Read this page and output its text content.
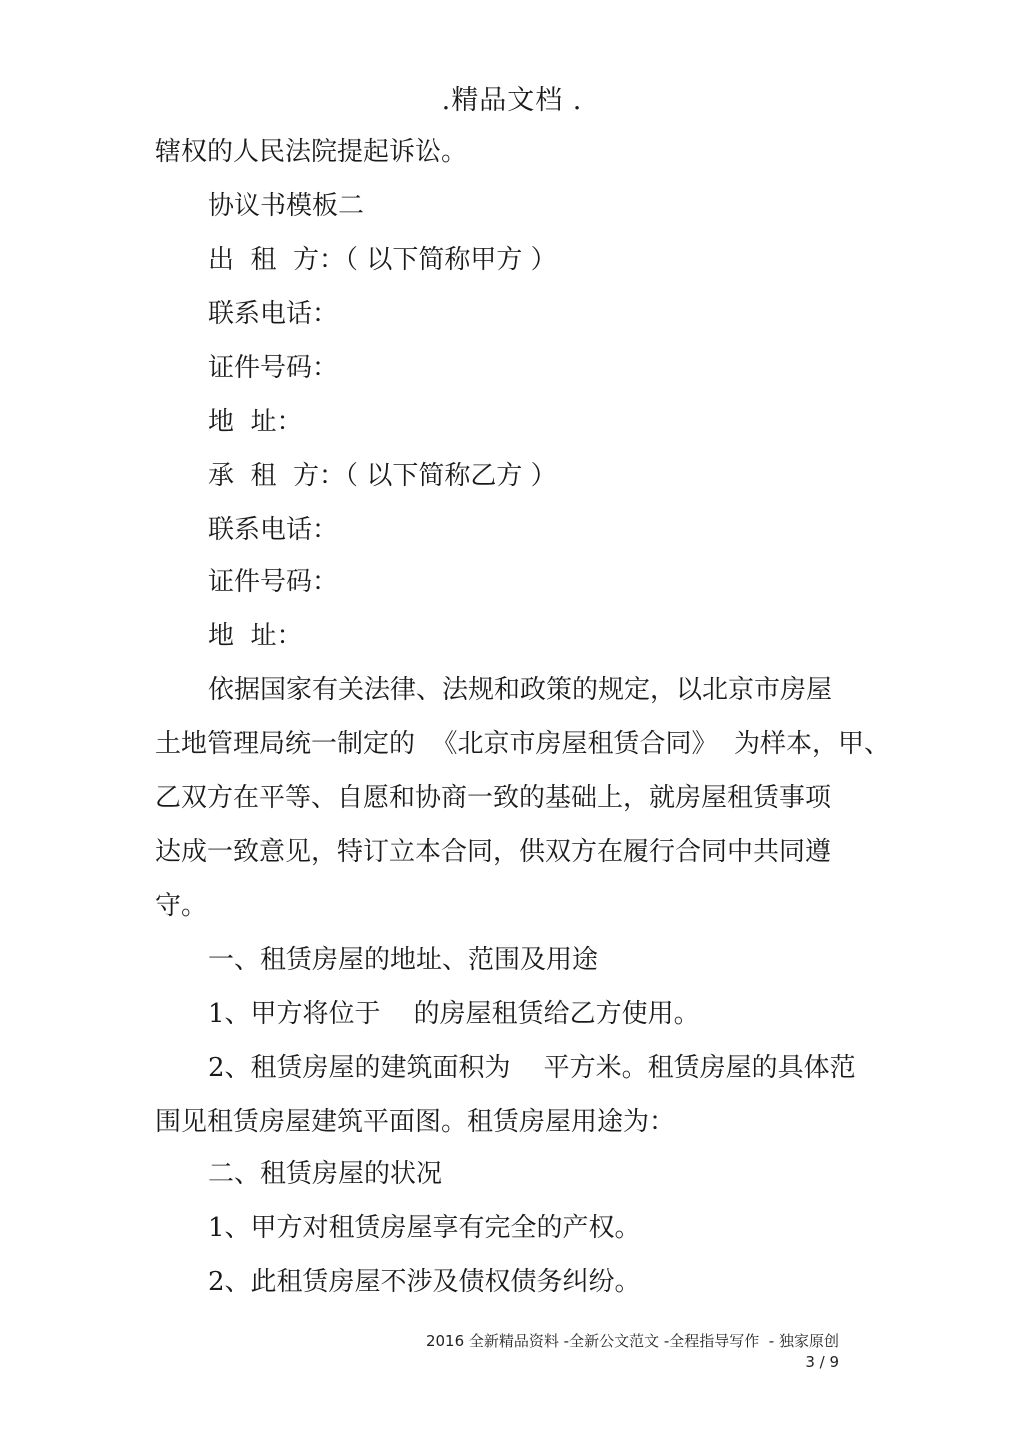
.精品文档 .
辖权的人民法院提起诉讼。
协议书模板二
出  租  方：（ 以下简称甲方 ）
联系电话：
证件号码：
地  址：
承  租  方：（ 以下简称乙方 ）
联系电话：
证件号码：
地  址：
依据国家有关法律、法规和政策的规定，以北京市房屋
土地管理局统一制定的  《北京市房屋租赁合同》  为样本，甲、
乙双方在平等、自愿和协商一致的基础上，就房屋租赁事项
达成一致意见，特订立本合同，供双方在履行合同中共同遵
守。
一、租赁房屋的地址、范围及用途
1、甲方将位于    的房屋租赁给乙方使用。
2、租赁房屋的建筑面积为    平方米。租赁房屋的具体范
围见租赁房屋建筑平面图。租赁房屋用途为：
二、租赁房屋的状况
1、甲方对租赁房屋享有完全的产权。
2、此租赁房屋不涉及债权债务纠纷。
2016 全新精品资料 -全新公文范文 -全程指导写作  - 独家原创
3 / 9
